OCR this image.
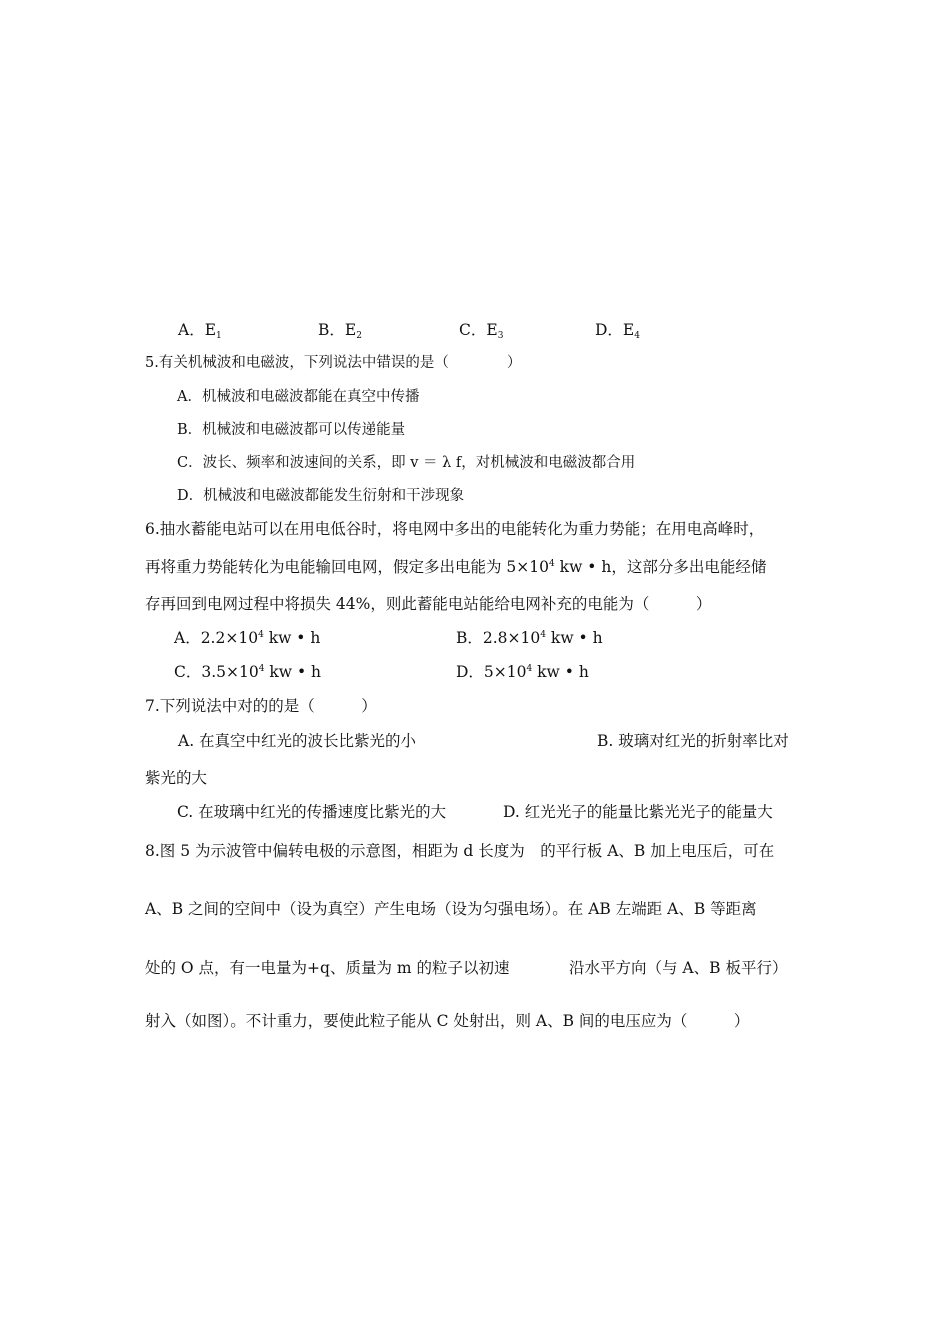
A．$E_1$	B．$E_2$	C．$E_3$	D．$E_4$
5.有关机械波和电磁波，下列说法中错误的是（　　　　）
A．机械波和电磁波都能在真空中传播
B．机械波和电磁波都可以传递能量
C．波长、频率和波速间的关系，即 v ＝ λ f，对机械波和电磁波都合用
D．机械波和电磁波都能发生衍射和干涉现象
6.抽水蓄能电站可以在用电低谷时，将电网中多出的电能转化为重力势能；在用电高峰时，
再将重力势能转化为电能输回电网，假定多出电能为 $5\times 10^4$ kw • h，这部分多出电能经储
存再回到电网过程中将损失 44%，则此蓄能电站能给电网补充的电能为（　　　）
A．$2.2\times 10^4$ kw • h	B．$2.8\times 10^4$ kw • h
C．$3.5\times 10^4$ kw • h	D．$5\times 10^4$ kw • h
7.下列说法中对的的是（　　　）
A. 在真空中红光的波长比紫光的小	B. 玻璃对红光的折射率比对
紫光的大
C. 在玻璃中红光的传播速度比紫光的大	D. 红光光子的能量比紫光光子的能量大
8.图 5 为示波管中偏转电极的示意图，相距为 d 长度为　的平行板 A、B 加上电压后，可在
A、B 之间的空间中（设为真空）产生电场（设为匀强电场）。在 AB 左端距 A、B 等距离
处的 O 点，有一电量为+q、质量为 m 的粒子以初速	沿水平方向（与 A、B 板平行）
射入（如图）。不计重力，要使此粒子能从 C 处射出，则 A、B 间的电压应为（　　　）
